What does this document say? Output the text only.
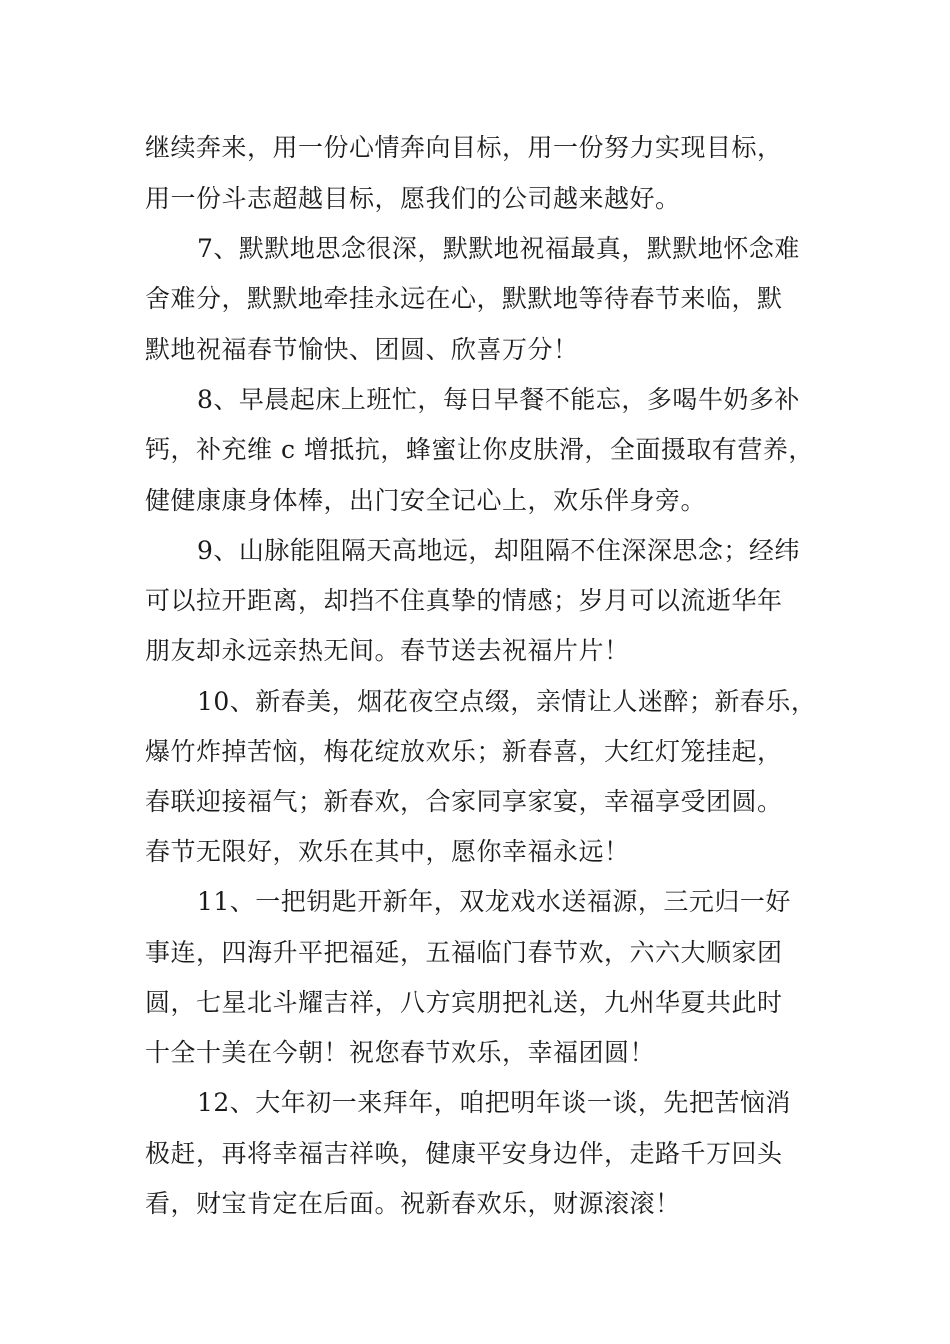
继续奔来，用一份心情奔向目标，用一份努力实现目标，
用一份斗志超越目标，愿我们的公司越来越好。
7、默默地思念很深，默默地祝福最真，默默地怀念难
舍难分，默默地牵挂永远在心，默默地等待春节来临，默
默地祝福春节愉快、团圆、欣喜万分！
8、早晨起床上班忙，每日早餐不能忘，多喝牛奶多补
钙，补充维 c 增抵抗，蜂蜜让你皮肤滑，全面摄取有营养，
健健康康身体棒，出门安全记心上，欢乐伴身旁。
9、山脉能阻隔天高地远，却阻隔不住深深思念；经纬
可以拉开距离，却挡不住真挚的情感；岁月可以流逝华年
朋友却永远亲热无间。春节送去祝福片片！
10、新春美，烟花夜空点缀，亲情让人迷醉；新春乐，
爆竹炸掉苦恼，梅花绽放欢乐；新春喜，大红灯笼挂起，
春联迎接福气；新春欢，合家同享家宴，幸福享受团圆。
春节无限好，欢乐在其中，愿你幸福永远！
11、一把钥匙开新年，双龙戏水送福源，三元归一好
事连，四海升平把福延，五福临门春节欢，六六大顺家团
圆，七星北斗耀吉祥，八方宾朋把礼送，九州华夏共此时
十全十美在今朝！祝您春节欢乐，幸福团圆！
12、大年初一来拜年，咱把明年谈一谈，先把苦恼消
极赶，再将幸福吉祥唤，健康平安身边伴，走路千万回头
看，财宝肯定在后面。祝新春欢乐，财源滚滚！
